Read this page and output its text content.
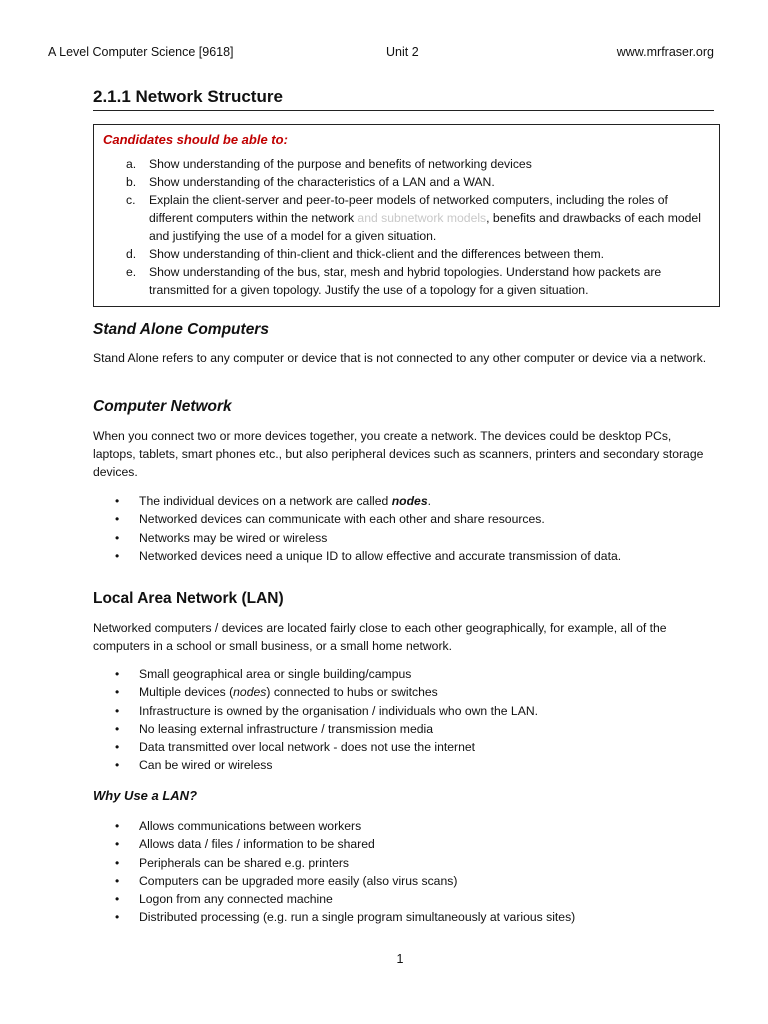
A Level Computer Science [9618]	Unit 2	www.mrfraser.org
2.1.1 Network Structure
Candidates should be able to:
a. Show understanding of the purpose and benefits of networking devices
b. Show understanding of the characteristics of a LAN and a WAN.
c. Explain the client-server and peer-to-peer models of networked computers, including the roles of different computers within the network and subnetwork models, benefits and drawbacks of each model and justifying the use of a model for a given situation.
d. Show understanding of thin-client and thick-client and the differences between them.
e. Show understanding of the bus, star, mesh and hybrid topologies. Understand how packets are transmitted for a given topology. Justify the use of a topology for a given situation.
Stand Alone Computers

Stand Alone refers to any computer or device that is not connected to any other computer or device via a network.

Computer Network

When you connect two or more devices together, you create a network. The devices could be desktop PCs, laptops, tablets, smart phones etc., but also peripheral devices such as scanners, printers and secondary storage devices.

• The individual devices on a network are called nodes.
• Networked devices can communicate with each other and share resources.
• Networks may be wired or wireless
• Networked devices need a unique ID to allow effective and accurate transmission of data.
Local Area Network (LAN)

Networked computers / devices are located fairly close to each other geographically, for example, all of the computers in a school or small business, or a small home network.

• Small geographical area or single building/campus
• Multiple devices (nodes) connected to hubs or switches
• Infrastructure is owned by the organisation / individuals who own the LAN.
• No leasing external infrastructure / transmission media
• Data transmitted over local network - does not use the internet
• Can be wired or wireless
Why Use a LAN?
• Allows communications between workers
• Allows data / files / information to be shared
• Peripherals can be shared e.g. printers
• Computers can be upgraded more easily (also virus scans)
• Logon from any connected machine
• Distributed processing (e.g. run a single program simultaneously at various sites)
1
